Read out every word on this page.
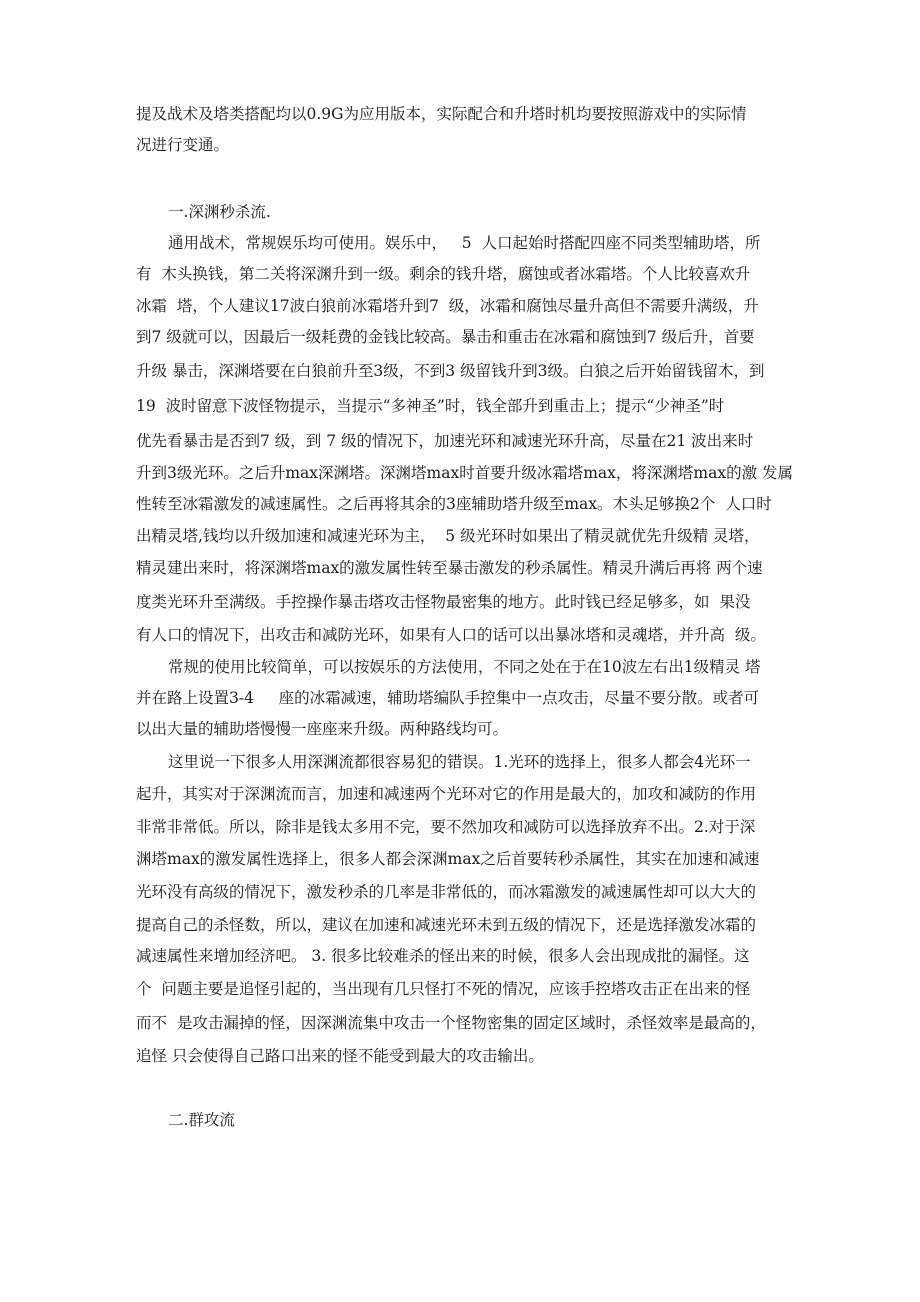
提及战术及塔类搭配均以0.9G为应用版本，实际配合和升塔时机均要按照游戏中的实际情
况进行变通。
一.深渊秒杀流.
通用战术，常规娱乐均可使用。娱乐中，   5  人口起始时搭配四座不同类型辅助塔，所
有  木头换钱，第二关将深渊升到一级。剩余的钱升塔，腐蚀或者冰霜塔。个人比较喜欢升
冰霜  塔，个人建议17波白狼前冰霜塔升到7  级，冰霜和腐蚀尽量升高但不需要升满级，升
到7 级就可以，因最后一级耗费的金钱比较高。暴击和重击在冰霜和腐蚀到7 级后升，首要
升级 暴击，深渊塔要在白狼前升至3级，不到3 级留钱升到3级。白狼之后开始留钱留木，到
19  波时留意下波怪物提示，当提示“多神圣”时，钱全部升到重击上；提示“少神圣”时
优先看暴击是否到7 级，到 7 级的情况下，加速光环和减速光环升高，尽量在21 波出来时
升到3级光环。之后升max深渊塔。深渊塔max时首要升级冰霜塔max，将深渊塔max的激 发属
性转至冰霜激发的减速属性。之后再将其余的3座辅助塔升级至max。木头足够换2个  人口时
出精灵塔,钱均以升级加速和减速光环为主，  5 级光环时如果出了精灵就优先升级精 灵塔，
精灵建出来时，将深渊塔max的激发属性转至暴击激发的秒杀属性。精灵升满后再将 两个速
度类光环升至满级。手控操作暴击塔攻击怪物最密集的地方。此时钱已经足够多，如  果没
有人口的情况下，出攻击和减防光环，如果有人口的话可以出暴冰塔和灵魂塔，并升高  级。
常规的使用比较简单，可以按娱乐的方法使用，不同之处在于在10波左右出1级精灵 塔
并在路上设置3-4     座的冰霜减速，辅助塔编队手控集中一点攻击，尽量不要分散。或者可
以出大量的辅助塔慢慢一座座来升级。两种路线均可。
这里说一下很多人用深渊流都很容易犯的错误。1.光环的选择上，很多人都会4光环一
起升，其实对于深渊流而言，加速和减速两个光环对它的作用是最大的，加攻和减防的作用
非常非常低。所以，除非是钱太多用不完，要不然加攻和减防可以选择放弃不出。2.对于深
渊塔max的激发属性选择上，很多人都会深渊max之后首要转秒杀属性，其实在加速和减速
光环没有高级的情况下，激发秒杀的几率是非常低的，而冰霜激发的减速属性却可以大大的
提高自己的杀怪数，所以，建议在加速和减速光环未到五级的情况下，还是选择激发冰霜的
减速属性来增加经济吧。 3. 很多比较难杀的怪出来的时候，很多人会出现成批的漏怪。这
个  问题主要是追怪引起的，当出现有几只怪打不死的情况，应该手控塔攻击正在出来的怪
而不  是攻击漏掉的怪，因深渊流集中攻击一个怪物密集的固定区域时，杀怪效率是最高的，
追怪 只会使得自己路口出来的怪不能受到最大的攻击输出。
二.群攻流
